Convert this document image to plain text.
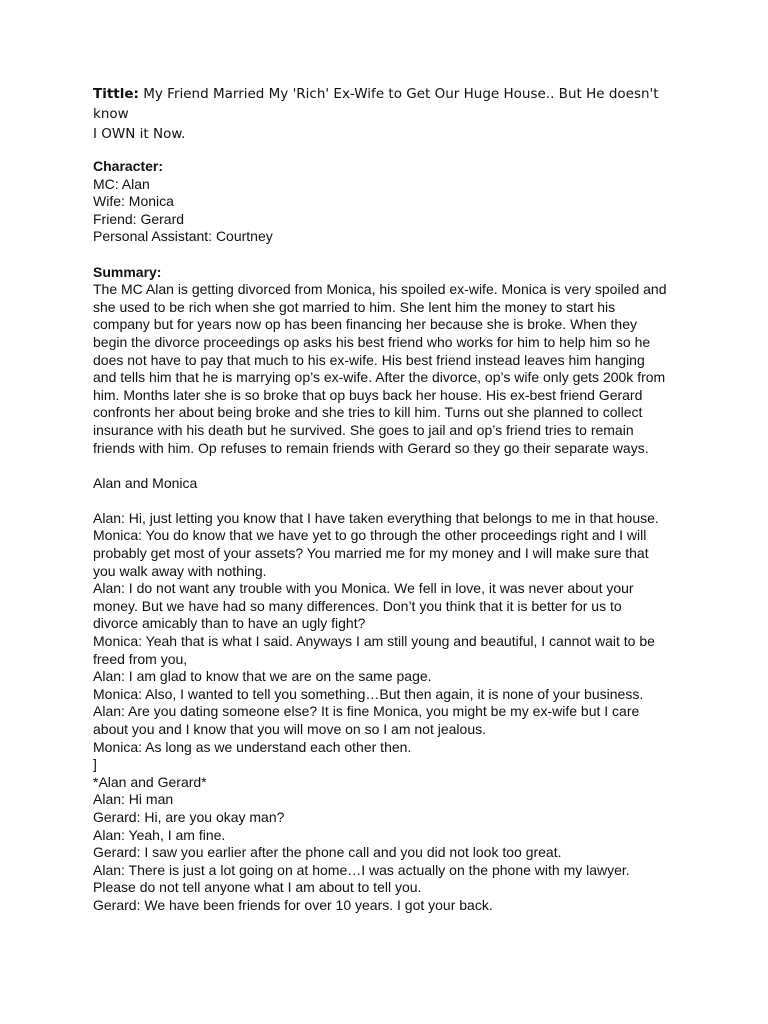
Tittle: My Friend Married My 'Rich' Ex-Wife to Get Our Huge House.. But He doesn't know
I OWN it Now.
Character:
MC: Alan
Wife: Monica
Friend: Gerard
Personal Assistant: Courtney
Summary:
The MC Alan is getting divorced from Monica, his spoiled ex-wife. Monica is very spoiled and
she used to be rich when she got married to him. She lent him the money to start his
company but for years now op has been financing her because she is broke. When they
begin the divorce proceedings op asks his best friend who works for him to help him so he
does not have to pay that much to his ex-wife. His best friend instead leaves him hanging
and tells him that he is marrying op’s ex-wife. After the divorce, op’s wife only gets 200k from
him. Months later she is so broke that op buys back her house. His ex-best friend Gerard
confronts her about being broke and she tries to kill him. Turns out she planned to collect
insurance with his death but he survived. She goes to jail and op’s friend tries to remain
friends with him. Op refuses to remain friends with Gerard so they go their separate ways.
Alan and Monica
Alan: Hi, just letting you know that I have taken everything that belongs to me in that house.
Monica: You do know that we have yet to go through the other proceedings right and I will
probably get most of your assets? You married me for my money and I will make sure that
you walk away with nothing.
Alan: I do not want any trouble with you Monica. We fell in love, it was never about your
money. But we have had so many differences. Don’t you think that it is better for us to
divorce amicably than to have an ugly fight?
Monica: Yeah that is what I said. Anyways I am still young and beautiful, I cannot wait to be
freed from you,
Alan: I am glad to know that we are on the same page.
Monica: Also, I wanted to tell you something…But then again, it is none of your business.
Alan: Are you dating someone else? It is fine Monica, you might be my ex-wife but I care
about you and I know that you will move on so I am not jealous.
Monica: As long as we understand each other then.
]
*Alan and Gerard*
Alan: Hi man
Gerard: Hi, are you okay man?
Alan: Yeah, I am fine.
Gerard: I saw you earlier after the phone call and you did not look too great.
Alan: There is just a lot going on at home…I was actually on the phone with my lawyer.
Please do not tell anyone what I am about to tell you.
Gerard: We have been friends for over 10 years. I got your back.
